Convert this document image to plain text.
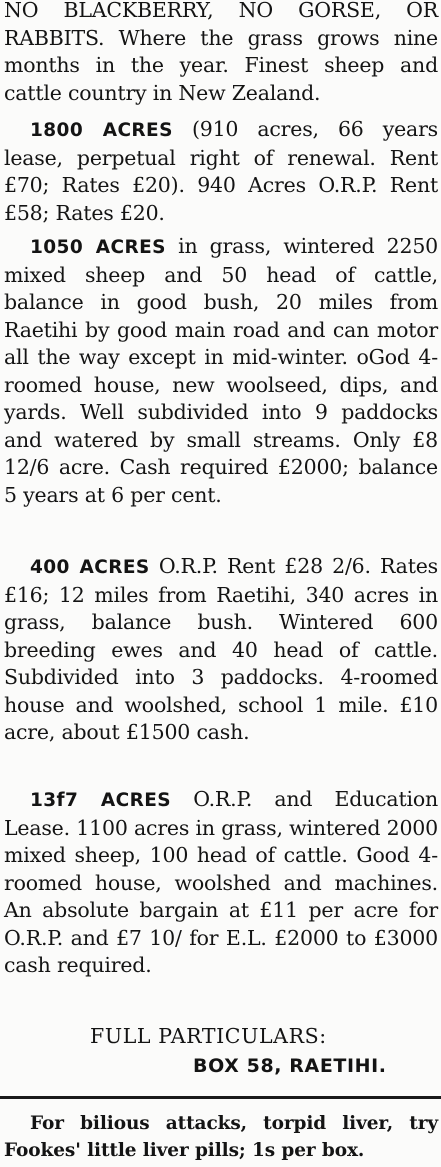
NO BLACKBERRY, NO GORSE, OR RABBITS. Where the grass grows nine months in the year. Finest sheep and cattle country in New Zealand.

1800 ACRES (910 acres, 66 years lease, perpetual right of renewal. Rent £70; Rates £20). 940 Acres O.R.P. Rent £58; Rates £20.

1050 ACRES in grass, wintered 2250 mixed sheep and 50 head of cattle, balance in good bush, 20 miles from Raetihi by good main road and can motor all the way except in mid-winter. oGod 4-roomed house, new woolseed, dips, and yards. Well subdivided into 9 paddocks and watered by small streams. Only £8 12/6 acre. Cash required £2000; balance 5 years at 6 per cent.

400 ACRES O.R.P. Rent £28 2/6. Rates £16; 12 miles from Raetihi, 340 acres in grass, balance bush. Wintered 600 breeding ewes and 40 head of cattle. Subdivided into 3 paddocks. 4-roomed house and woolshed, school 1 mile. £10 acre, about £1500 cash.

13f7 ACRES O.R.P. and Education Lease. 1100 acres in grass, wintered 2000 mixed sheep, 100 head of cattle. Good 4-roomed house, woolshed and machines. An absolute bargain at £11 per acre for O.R.P. and £7 10/ for E.L. £2000 to £3000 cash required.

FULL PARTICULARS:
BOX 58, RAETIHI.

For bilious attacks, torpid liver, try Fookes' little liver pills; 1s per box.
